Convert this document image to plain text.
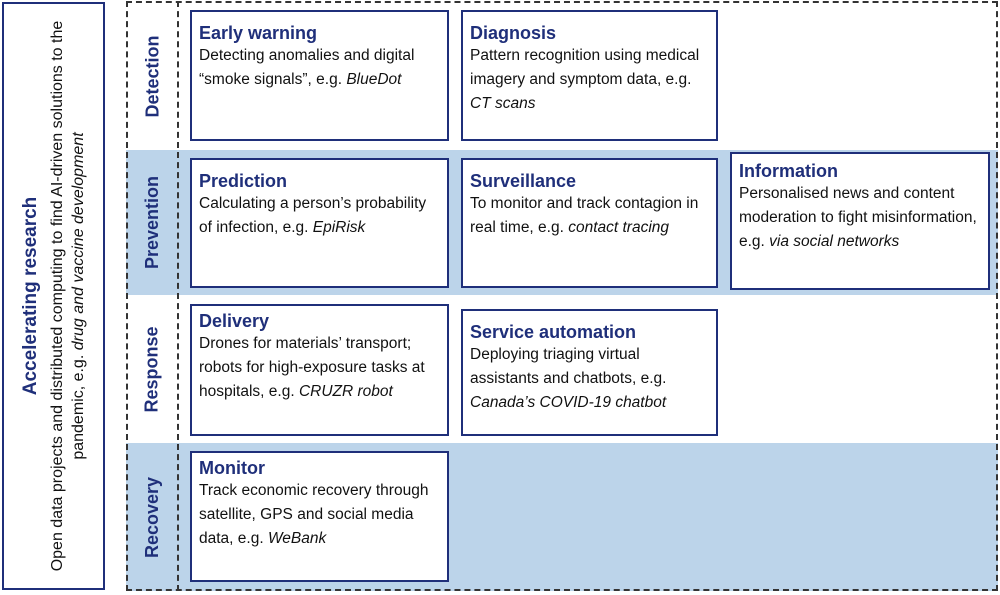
Accelerating research Open data projects and distributed computing to find AI-driven solutions to the pandemic, e.g. drug and vaccine development
Detection
Prevention
Response
Recovery
Early warning
Detecting anomalies and digital “smoke signals”, e.g. BlueDot
Diagnosis
Pattern recognition using medical imagery and symptom data, e.g. CT scans
Prediction
Calculating a person’s probability of infection, e.g. EpiRisk
Surveillance
To monitor and track contagion in real time, e.g. contact tracing
Information
Personalised news and content moderation to fight misinformation, e.g. via social networks
Delivery
Drones for materials’ transport; robots for high-exposure tasks at hospitals, e.g. CRUZR robot
Service automation
Deploying triaging virtual assistants and chatbots, e.g. Canada’s COVID-19 chatbot
Monitor
Track economic recovery through satellite, GPS and social media data, e.g. WeBank
